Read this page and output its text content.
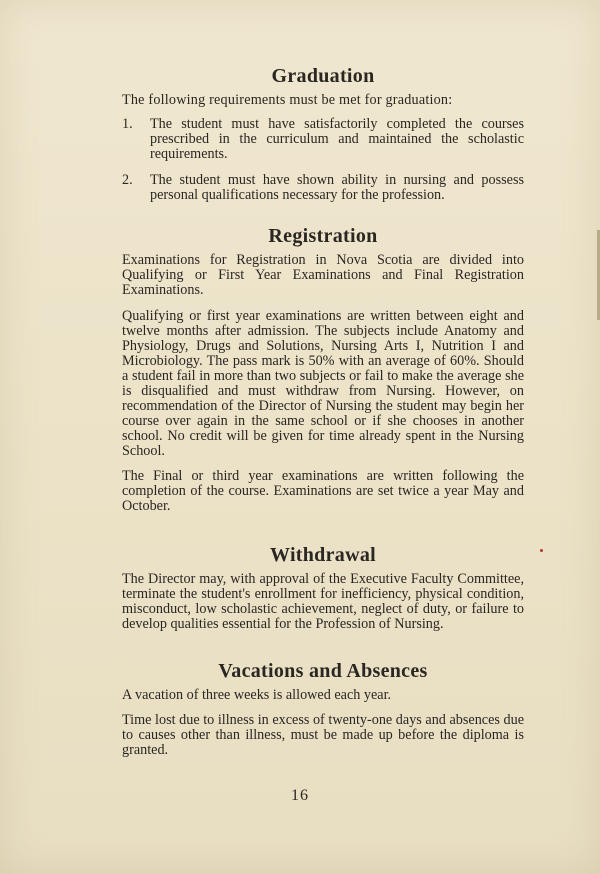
Graduation

The following requirements must be met for graduation:

1. The student must have satisfactorily completed the courses prescribed in the curriculum and maintained the scholastic requirements.
2. The student must have shown ability in nursing and possess personal qualifications necessary for the profession.
Registration

Examinations for Registration in Nova Scotia are divided into Qualifying or First Year Examinations and Final Registration Examinations.

Qualifying or first year examinations are written between eight and twelve months after admission. The subjects include Anatomy and Physiology, Drugs and Solutions, Nursing Arts I, Nutrition I and Microbiology. The pass mark is 50% with an average of 60%. Should a student fail in more than two subjects or fail to make the average she is disqualified and must withdraw from Nursing. However, on recommendation of the Director of Nursing the student may begin her course over again in the same school or if she chooses in another school. No credit will be given for time already spent in the Nursing School.

The Final or third year examinations are written following the completion of the course. Examinations are set twice a year May and October.

Withdrawal

The Director may, with approval of the Executive Faculty Committee, terminate the student's enrollment for inefficiency, physical condition, misconduct, low scholastic achievement, neglect of duty, or failure to develop qualities essential for the Profession of Nursing.

Vacations and Absences

A vacation of three weeks is allowed each year.

Time lost due to illness in excess of twenty-one days and absences due to causes other than illness, must be made up before the diploma is granted.

16
